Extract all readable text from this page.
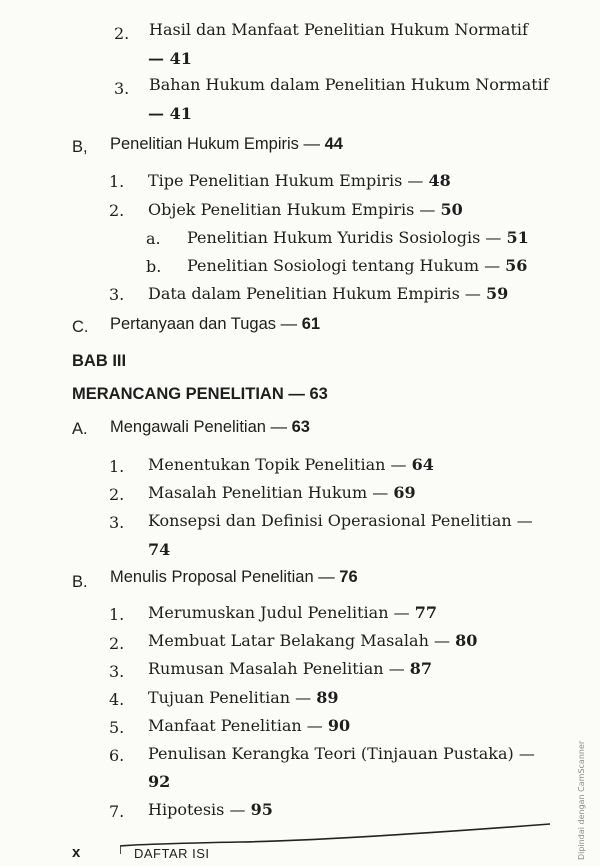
2. Hasil dan Manfaat Penelitian Hukum Normatif
— 41
3. Bahan Hukum dalam Penelitian Hukum Normatif
— 41
B, Penelitian Hukum Empiris — 44
1. Tipe Penelitian Hukum Empiris — 48
2. Objek Penelitian Hukum Empiris — 50
a. Penelitian Hukum Yuridis Sosiologis — 51
b. Penelitian Sosiologi tentang Hukum — 56
3. Data dalam Penelitian Hukum Empiris — 59
C. Pertanyaan dan Tugas — 61
BAB III
MERANCANG PENELITIAN — 63
A. Mengawali Penelitian — 63
1. Menentukan Topik Penelitian — 64
2. Masalah Penelitian Hukum — 69
3. Konsepsi dan Definisi Operasional Penelitian —
74
B. Menulis Proposal Penelitian — 76
1. Merumuskan Judul Penelitian — 77
2. Membuat Latar Belakang Masalah — 80
3. Rumusan Masalah Penelitian — 87
4. Tujuan Penelitian — 89
5. Manfaat Penelitian — 90
6. Penulisan Kerangka Teori (Tinjauan Pustaka) —
92
7. Hipotesis — 95
x	DAFTAR ISI	Dipindai dengan CamScanner
